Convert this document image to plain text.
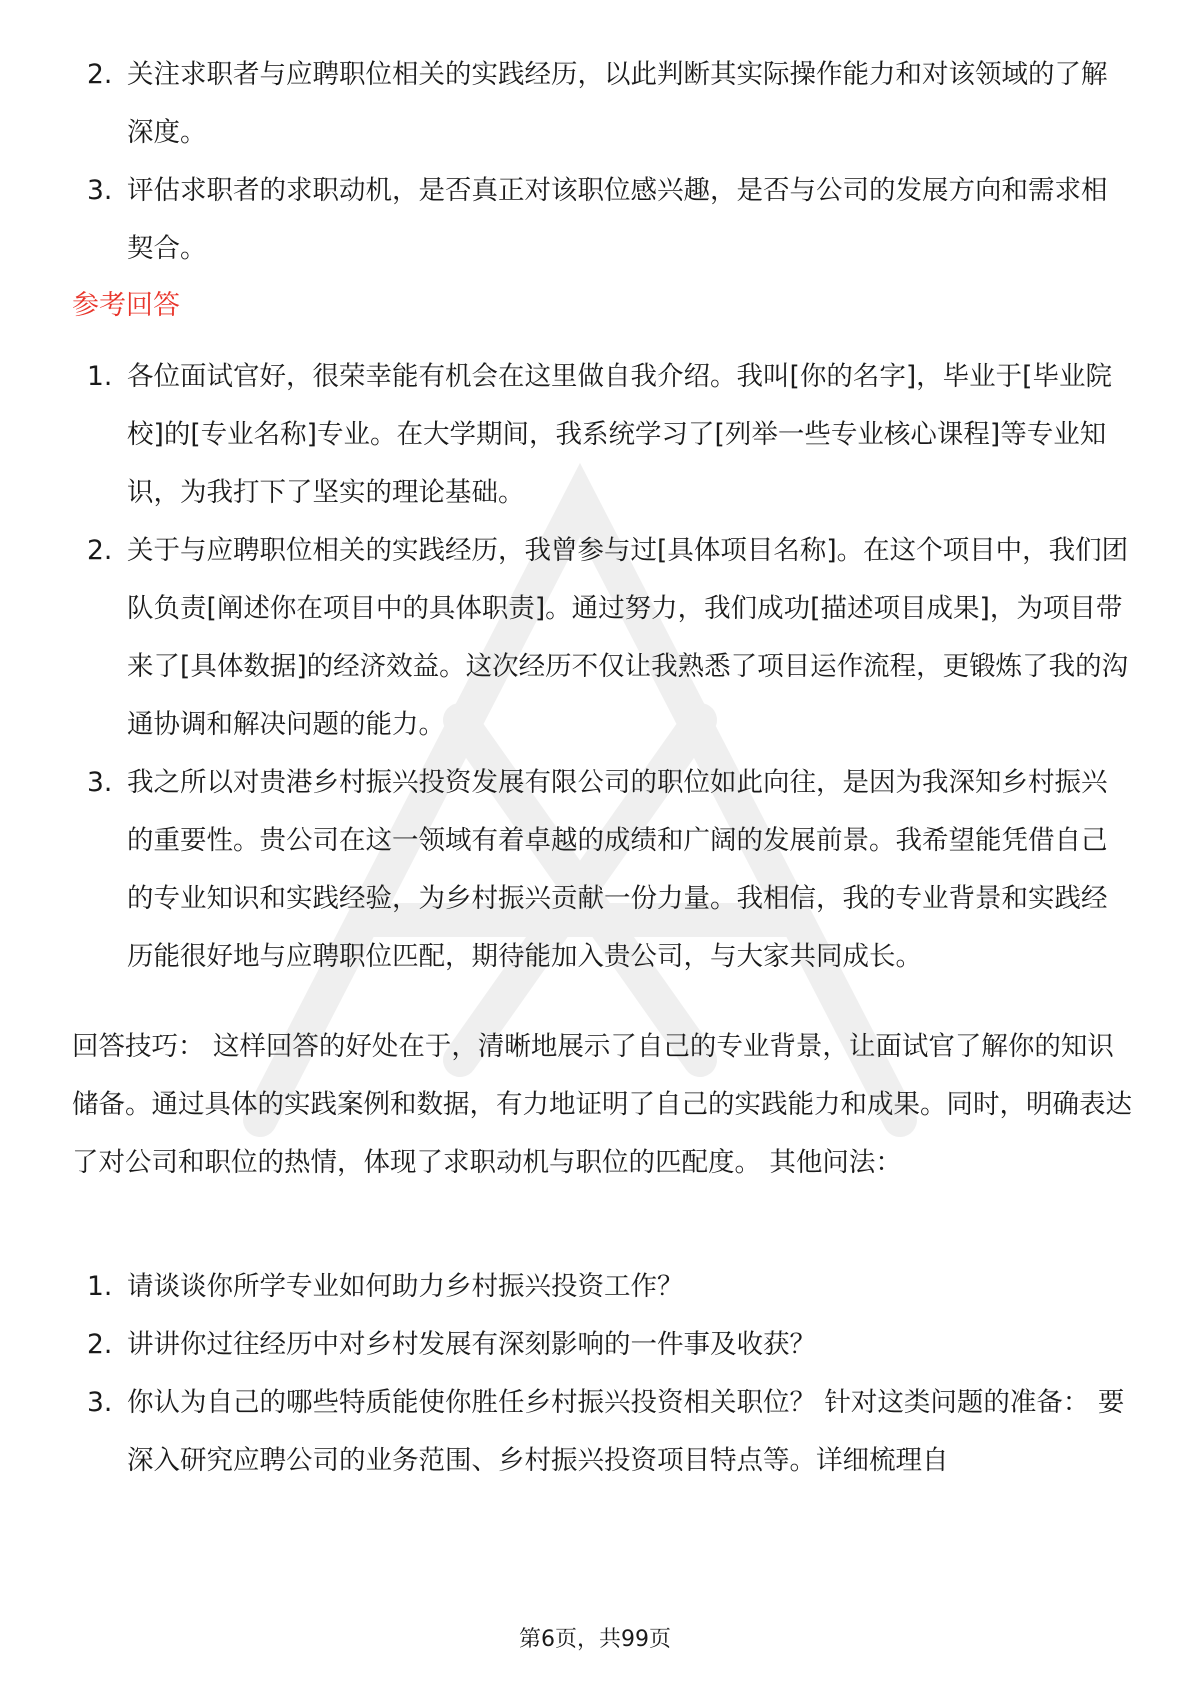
2. 关注求职者与应聘职位相关的实践经历，以此判断其实际操作能力和对该领域的了解深度。
3. 评估求职者的求职动机，是否真正对该职位感兴趣，是否与公司的发展方向和需求相契合。
参考回答
1. 各位面试官好，很荣幸能有机会在这里做自我介绍。我叫[你的名字]，毕业于[毕业院校]的[专业名称]专业。在大学期间，我系统学习了[列举一些专业核心课程]等专业知识，为我打下了坚实的理论基础。
2. 关于与应聘职位相关的实践经历，我曾参与过[具体项目名称]。在这个项目中，我们团队负责[阐述你在项目中的具体职责]。通过努力，我们成功[描述项目成果]，为项目带来了[具体数据]的经济效益。这次经历不仅让我熟悉了项目运作流程，更锻炼了我的沟通协调和解决问题的能力。
3. 我之所以对贵港乡村振兴投资发展有限公司的职位如此向往，是因为我深知乡村振兴的重要性。贵公司在这一领域有着卓越的成绩和广阔的发展前景。我希望能凭借自己的专业知识和实践经验，为乡村振兴贡献一份力量。我相信，我的专业背景和实践经历能很好地与应聘职位匹配，期待能加入贵公司，与大家共同成长。

回答技巧： 这样回答的好处在于，清晰地展示了自己的专业背景，让面试官了解你的知识储备。通过具体的实践案例和数据，有力地证明了自己的实践能力和成果。同时，明确表达了对公司和职位的热情，体现了求职动机与职位的匹配度。 其他问法：

1. 请谈谈你所学专业如何助力乡村振兴投资工作？
2. 讲讲你过往经历中对乡村发展有深刻影响的一件事及收获？
3. 你认为自己的哪些特质能使你胜任乡村振兴投资相关职位？ 针对这类问题的准备： 要深入研究应聘公司的业务范围、乡村振兴投资项目特点等。详细梳理自
第6页，共99页
